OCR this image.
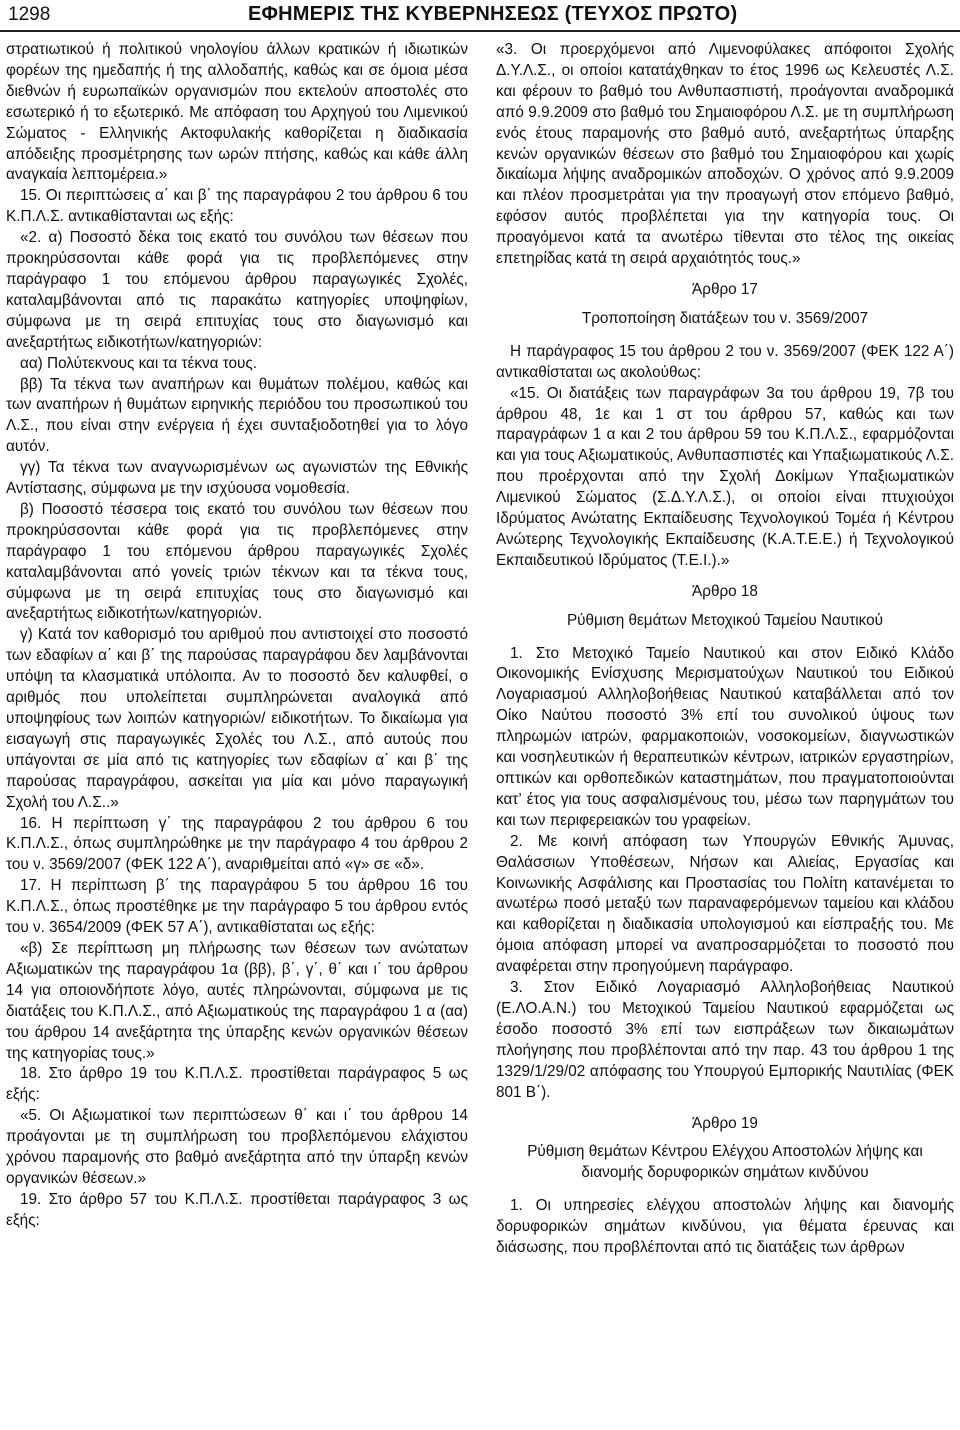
1298	ΕΦΗΜΕΡΙΣ ΤΗΣ ΚΥΒΕΡΝΗΣΕΩΣ (ΤΕΥΧΟΣ ΠΡΩΤΟ)

στρατιωτικού ή πολιτικού νηολογίου άλλων κρατικών ή ιδιωτικών φορέων της ημεδαπής ή της αλλοδαπής, καθώς και σε όμοια μέσα διεθνών ή ευρωπαϊκών οργανισμών που εκτελούν αποστολές στο εσωτερικό ή το εξωτερικό. Με απόφαση του Αρχηγού του Λιμενικού Σώματος - Ελληνικής Ακτοφυλακής καθορίζεται η διαδικασία απόδειξης προσμέτρησης των ωρών πτήσης, καθώς και κάθε άλλη αναγκαία λεπτομέρεια.»

15. Οι περιπτώσεις α΄ και β΄ της παραγράφου 2 του άρθρου 6 του Κ.Π.Λ.Σ. αντικαθίστανται ως εξής:

«2. α) Ποσοστό δέκα τοις εκατό του συνόλου των θέσεων που προκηρύσσονται κάθε φορά για τις προβλεπόμενες στην παράγραφο 1 του επόμενου άρθρου παραγωγικές Σχολές, καταλαμβάνονται από τις παρακάτω κατηγορίες υποψηφίων, σύμφωνα με τη σειρά επιτυχίας τους στο διαγωνισμό και ανεξαρτήτως ειδικοτήτων/κατηγοριών:

αα) Πολύτεκνους και τα τέκνα τους.

ββ) Τα τέκνα των αναπήρων και θυμάτων πολέμου, καθώς και των αναπήρων ή θυμάτων ειρηνικής περιόδου του προσωπικού του Λ.Σ., που είναι στην ενέργεια ή έχει συνταξιοδοτηθεί για το λόγο αυτόν.

γγ) Τα τέκνα των αναγνωρισμένων ως αγωνιστών της Εθνικής Αντίστασης, σύμφωνα με την ισχύουσα νομοθεσία.

β) Ποσοστό τέσσερα τοις εκατό του συνόλου των θέσεων που προκηρύσσονται κάθε φορά για τις προβλεπόμενες στην παράγραφο 1 του επόμενου άρθρου παραγωγικές Σχολές καταλαμβάνονται από γονείς τριών τέκνων και τα τέκνα τους, σύμφωνα με τη σειρά επιτυχίας τους στο διαγωνισμό και ανεξαρτήτως ειδικοτήτων/κατηγοριών.

γ) Κατά τον καθορισμό του αριθμού που αντιστοιχεί στο ποσοστό των εδαφίων α΄ και β΄ της παρούσας παραγράφου δεν λαμβάνονται υπόψη τα κλασματικά υπόλοιπα. Αν το ποσοστό δεν καλυφθεί, ο αριθμός που υπολείπεται συμπληρώνεται αναλογικά από υποψηφίους των λοιπών κατηγοριών/ ειδικοτήτων. Το δικαίωμα για εισαγωγή στις παραγωγικές Σχολές του Λ.Σ., από αυτούς που υπάγονται σε μία από τις κατηγορίες των εδαφίων α΄ και β΄ της παρούσας παραγράφου, ασκείται για μία και μόνο παραγωγική Σχολή του Λ.Σ..»

16. Η περίπτωση γ΄ της παραγράφου 2 του άρθρου 6 του Κ.Π.Λ.Σ., όπως συμπληρώθηκε με την παράγραφο 4 του άρθρου 2 του ν. 3569/2007 (ΦΕΚ 122 Α΄), αναριθμείται από «γ» σε «δ».

17. Η περίπτωση β΄ της παραγράφου 5 του άρθρου 16 του Κ.Π.Λ.Σ., όπως προστέθηκε με την παράγραφο 5 του άρθρου εντός του ν. 3654/2009 (ΦΕΚ 57 Α΄), αντικαθίσταται ως εξής:

«β) Σε περίπτωση μη πλήρωσης των θέσεων των ανώτατων Αξιωματικών της παραγράφου 1α (ββ), β΄, γ΄, θ΄ και ι΄ του άρθρου 14 για οποιονδήποτε λόγο, αυτές πληρώνονται, σύμφωνα με τις διατάξεις του Κ.Π.Λ.Σ., από Αξιωματικούς της παραγράφου 1 α (αα) του άρθρου 14 ανεξάρτητα της ύπαρξης κενών οργανικών θέσεων της κατηγορίας τους.»

18. Στο άρθρο 19 του Κ.Π.Λ.Σ. προστίθεται παράγραφος 5 ως εξής:

«5. Οι Αξιωματικοί των περιπτώσεων θ΄ και ι΄ του άρθρου 14 προάγονται με τη συμπλήρωση του προβλεπόμενου ελάχιστου χρόνου παραμονής στο βαθμό ανεξάρτητα από την ύπαρξη κενών οργανικών θέσεων.»

19. Στο άρθρο 57 του Κ.Π.Λ.Σ. προστίθεται παράγραφος 3 ως εξής:

«3. Οι προερχόμενοι από Λιμενοφύλακες απόφοιτοι Σχολής Δ.Υ.Λ.Σ., οι οποίοι κατατάχθηκαν το έτος 1996 ως Κελευστές Λ.Σ. και φέρουν το βαθμό του Ανθυπασπιστή, προάγονται αναδρομικά από 9.9.2009 στο βαθμό του Σημαιοφόρου Λ.Σ. με τη συμπλήρωση ενός έτους παραμονής στο βαθμό αυτό, ανεξαρτήτως ύπαρξης κενών οργανικών θέσεων στο βαθμό του Σημαιοφόρου και χωρίς δικαίωμα λήψης αναδρομικών αποδοχών. Ο χρόνος από 9.9.2009 και πλέον προσμετράται για την προαγωγή στον επόμενο βαθμό, εφόσον αυτός προβλέπεται για την κατηγορία τους. Οι προαγόμενοι κατά τα ανωτέρω τίθενται στο τέλος της οικείας επετηρίδας κατά τη σειρά αρχαιότητός τους.»

Άρθρο 17

Τροποποίηση διατάξεων του ν. 3569/2007

Η παράγραφος 15 του άρθρου 2 του ν. 3569/2007 (ΦΕΚ 122 Α΄) αντικαθίσταται ως ακολούθως:

«15. Οι διατάξεις των παραγράφων 3α του άρθρου 19, 7β του άρθρου 48, 1ε και 1 στ του άρθρου 57, καθώς και των παραγράφων 1 α και 2 του άρθρου 59 του Κ.Π.Λ.Σ., εφαρμόζονται και για τους Αξιωματικούς, Ανθυπασπιστές και Υπαξιωματικούς Λ.Σ. που προέρχονται από την Σχολή Δοκίμων Υπαξιωματικών Λιμενικού Σώματος (Σ.Δ.Υ.Λ.Σ.), οι οποίοι είναι πτυχιούχοι Ιδρύματος Ανώτατης Εκπαίδευσης Τεχνολογικού Τομέα ή Κέντρου Ανώτερης Τεχνολογικής Εκπαίδευσης (Κ.Α.Τ.Ε.Ε.) ή Τεχνολογικού Εκπαιδευτικού Ιδρύματος (Τ.Ε.Ι.).»

Άρθρο 18

Ρύθμιση θεμάτων Μετοχικού Ταμείου Ναυτικού

1. Στο Μετοχικό Ταμείο Ναυτικού και στον Ειδικό Κλάδο Οικονομικής Ενίσχυσης Μερισματούχων Ναυτικού του Ειδικού Λογαριασμού Αλληλοβοήθειας Ναυτικού καταβάλλεται από τον Οίκο Ναύτου ποσοστό 3% επί του συνολικού ύψους των πληρωμών ιατρών, φαρμακοποιών, νοσοκομείων, διαγνωστικών και νοσηλευτικών ή θεραπευτικών κέντρων, ιατρικών εργαστηρίων, οπτικών και ορθοπεδικών καταστημάτων, που πραγματοποιούνται κατ’ έτος για τους ασφαλισμένους του, μέσω των παρηγμάτων του και των περιφερειακών του γραφείων.

2. Με κοινή απόφαση των Υπουργών Εθνικής Άμυνας, Θαλάσσιων Υποθέσεων, Νήσων και Αλιείας, Εργασίας και Κοινωνικής Ασφάλισης και Προστασίας του Πολίτη κατανέμεται το ανωτέρω ποσό μεταξύ των παραναφερόμενων ταμείου και κλάδου και καθορίζεται η διαδικασία υπολογισμού και είσπραξής του. Με όμοια απόφαση μπορεί να αναπροσαρμόζεται το ποσοστό που αναφέρεται στην προηγούμενη παράγραφο.

3. Στον Ειδικό Λογαριασμό Αλληλοβοήθειας Ναυτικού (Ε.ΛΟ.Α.Ν.) του Μετοχικού Ταμείου Ναυτικού εφαρμόζεται ως έσοδο ποσοστό 3% επί των εισπράξεων των δικαιωμάτων πλοήγησης που προβλέπονται από την παρ. 43 του άρθρου 1 της 1329/1/29/02 απόφασης του Υπουργού Εμπορικής Ναυτιλίας (ΦΕΚ 801 Β΄).

Άρθρο 19

Ρύθμιση θεμάτων Κέντρου Ελέγχου Αποστολών λήψης και διανομής δορυφορικών σημάτων κινδύνου

1. Οι υπηρεσίες ελέγχου αποστολών λήψης και διανομής δορυφορικών σημάτων κινδύνου, για θέματα έρευνας και διάσωσης, που προβλέπονται από τις διατάξεις των άρθρων
